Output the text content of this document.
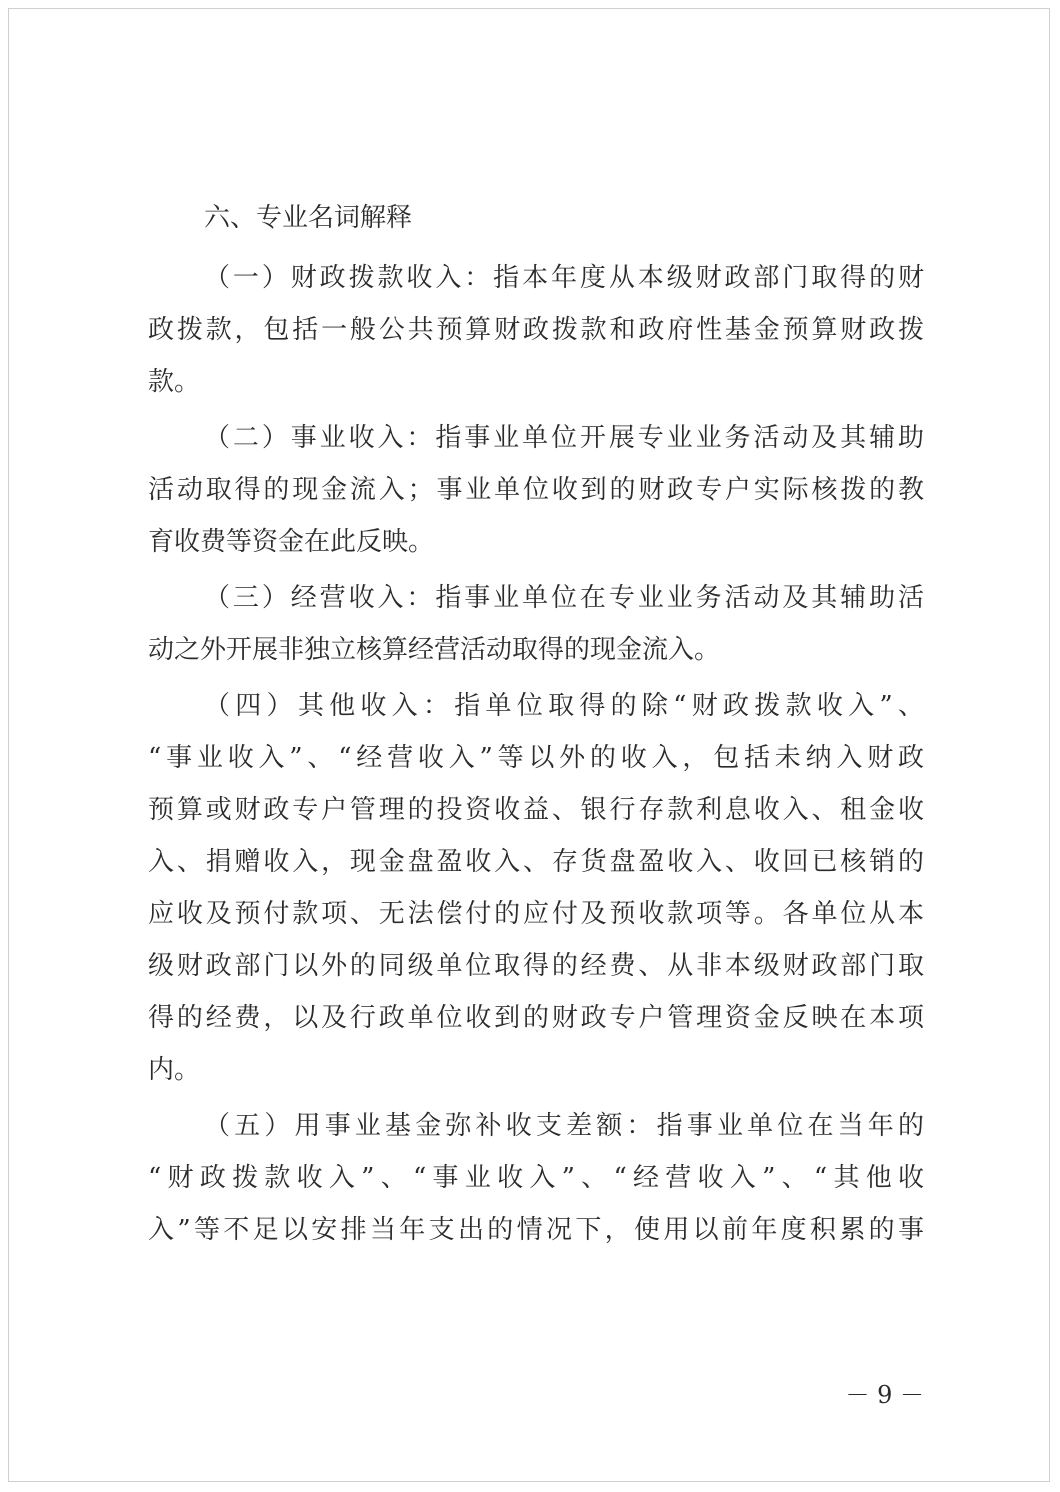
六、专业名词解释
（一）财政拨款收入：指本年度从本级财政部门取得的财
政拨款，包括一般公共预算财政拨款和政府性基金预算财政拨
款。
（二）事业收入：指事业单位开展专业业务活动及其辅助
活动取得的现金流入；事业单位收到的财政专户实际核拨的教
育收费等资金在此反映。
（三）经营收入：指事业单位在专业业务活动及其辅助活
动之外开展非独立核算经营活动取得的现金流入。
（四）其他收入：指单位取得的除“财政拨款收入”、
“事业收入”、“经营收入”等以外的收入，包括未纳入财政
预算或财政专户管理的投资收益、银行存款利息收入、租金收
入、捐赠收入，现金盘盈收入、存货盘盈收入、收回已核销的
应收及预付款项、无法偿付的应付及预收款项等。各单位从本
级财政部门以外的同级单位取得的经费、从非本级财政部门取
得的经费，以及行政单位收到的财政专户管理资金反映在本项
内。
（五）用事业基金弥补收支差额：指事业单位在当年的
“财政拨款收入”、“事业收入”、“经营收入”、“其他收
入”等不足以安排当年支出的情况下，使用以前年度积累的事
－ 9 －
